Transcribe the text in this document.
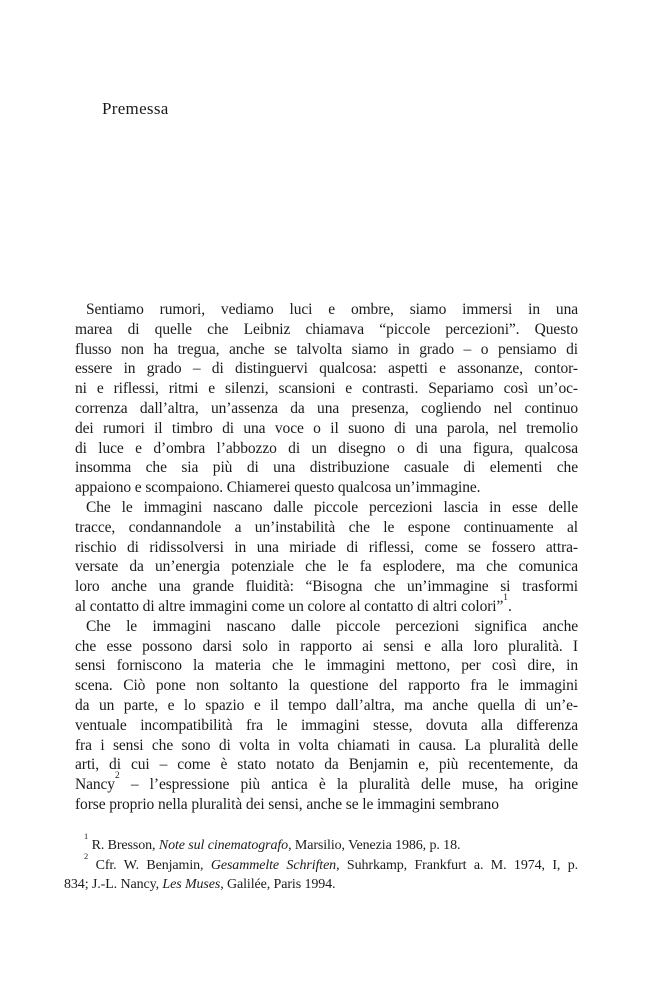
Premessa
Sentiamo rumori, vediamo luci e ombre, siamo immersi in una
marea di quelle che Leibniz chiamava “piccole percezioni”. Questo
flusso non ha tregua, anche se talvolta siamo in grado – o pensiamo di
essere in grado – di distinguervi qualcosa: aspetti e assonanze, contor-
ni e riflessi, ritmi e silenzi, scansioni e contrasti. Separiamo così un’oc-
correnza dall’altra, un’assenza da una presenza, cogliendo nel continuo
dei rumori il timbro di una voce o il suono di una parola, nel tremolio
di luce e d’ombra l’abbozzo di un disegno o di una figura, qualcosa
insomma che sia più di una distribuzione casuale di elementi che
appaiono e scompaiono. Chiamerei questo qualcosa un’immagine.
Che le immagini nascano dalle piccole percezioni lascia in esse delle
tracce, condannandole a un’instabilità che le espone continuamente al
rischio di ridissolversi in una miriade di riflessi, come se fossero attra-
versate da un’energia potenziale che le fa esplodere, ma che comunica
loro anche una grande fluidità: “Bisogna che un’immagine si trasformi
al contatto di altre immagini come un colore al contatto di altri colori”$^1$.
Che le immagini nascano dalle piccole percezioni significa anche
che esse possono darsi solo in rapporto ai sensi e alla loro pluralità. I
sensi forniscono la materia che le immagini mettono, per così dire, in
scena. Ciò pone non soltanto la questione del rapporto fra le immagini
da un parte, e lo spazio e il tempo dall’altra, ma anche quella di un’e-
ventuale incompatibilità fra le immagini stesse, dovuta alla differenza
fra i sensi che sono di volta in volta chiamati in causa. La pluralità delle
arti, di cui – come è stato notato da Benjamin e, più recentemente, da
Nancy$^2$ – l’espressione più antica è la pluralità delle muse, ha origine
forse proprio nella pluralità dei sensi, anche se le immagini sembrano
$^1$ R. Bresson, Note sul cinematografo, Marsilio, Venezia 1986, p. 18.
$^2$ Cfr. W. Benjamin, Gesammelte Schriften, Suhrkamp, Frankfurt a. M. 1974, I, p.
834; J.-L. Nancy, Les Muses, Galilée, Paris 1994.
